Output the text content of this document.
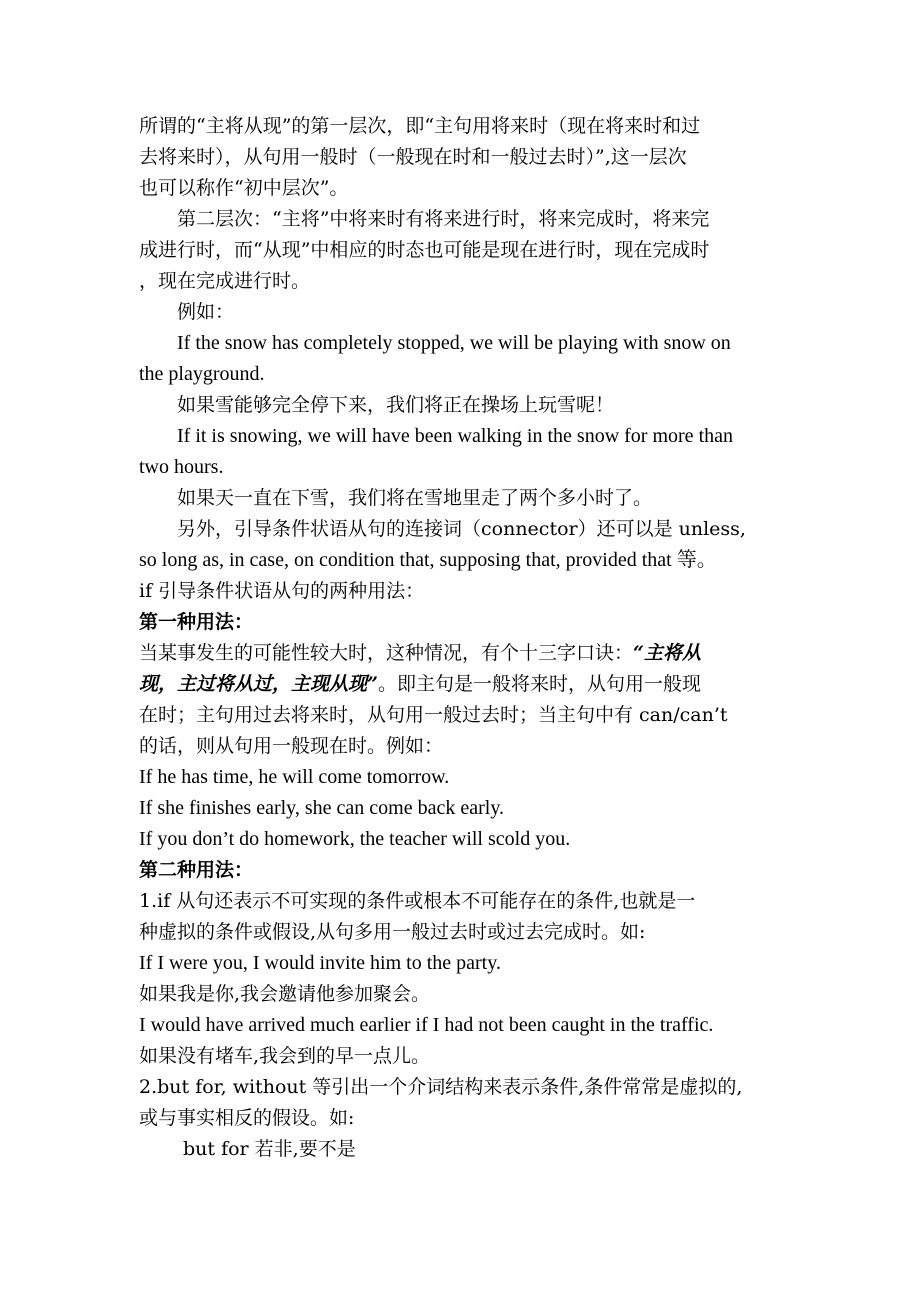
所谓的“主将从现”的第一层次，即“主句用将来时（现在将来时和过
去将来时），从句用一般时（一般现在时和一般过去时）”,这一层次
也可以称作“初中层次”。
第二层次：“主将”中将来时有将来进行时，将来完成时，将来完
成进行时，而“从现”中相应的时态也可能是现在进行时，现在完成时
，现在完成进行时。
例如：
If the snow has completely stopped, we will be playing with snow on
the playground.
如果雪能够完全停下来，我们将正在操场上玩雪呢！
If it is snowing, we will have been walking in the snow for more than
two hours.
如果天一直在下雪，我们将在雪地里走了两个多小时了。
另外，引导条件状语从句的连接词（connector）还可以是 unless,
so long as, in case, on condition that, supposing that, provided that 等。
if 引导条件状语从句的两种用法：
第一种用法：
当某事发生的可能性较大时，这种情况，有个十三字口诀：“主将从
现，主过将从过，主现从现”。即主句是一般将来时，从句用一般现
在时；主句用过去将来时，从句用一般过去时；当主句中有 can/can’t
的话，则从句用一般现在时。例如：
If he has time, he will come tomorrow.
If she finishes early, she can come back early.
If you don’t do homework, the teacher will scold you.
第二种用法：
1.if 从句还表示不可实现的条件或根本不可能存在的条件,也就是一
种虚拟的条件或假设,从句多用一般过去时或过去完成时。如:
If I were you, I would invite him to the party.
如果我是你,我会邀请他参加聚会。
I would have arrived much earlier if I had not been caught in the traffic.
如果没有堵车,我会到的早一点儿。
2.but for, without 等引出一个介词结构来表示条件,条件常常是虚拟的,
或与事实相反的假设。如:
but for 若非,要不是
